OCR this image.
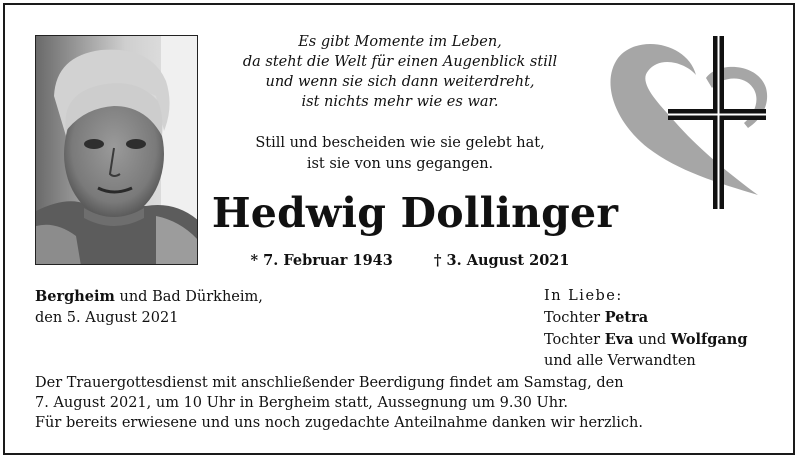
Es gibt Momente im Leben,
da steht die Welt für einen Augenblick still
und wenn sie sich dann weiterdreht,
ist nichts mehr wie es war.
Still und bescheiden wie sie gelebt hat,
ist sie von uns gegangen.
Hedwig Dollinger
* 7. Februar 1943	† 3. August 2021
Bergheim und Bad Dürkheim,
den 5. August 2021
In Liebe:
Tochter Petra
Tochter Eva und Wolfgang
und alle Verwandten
Der Trauergottesdienst mit anschließender Beerdigung findet am Samstag, den
7. August 2021, um 10 Uhr in Bergheim statt, Aussegnung um 9.30 Uhr.
Für bereits erwiesene und uns noch zugedachte Anteilnahme danken wir herzlich.
